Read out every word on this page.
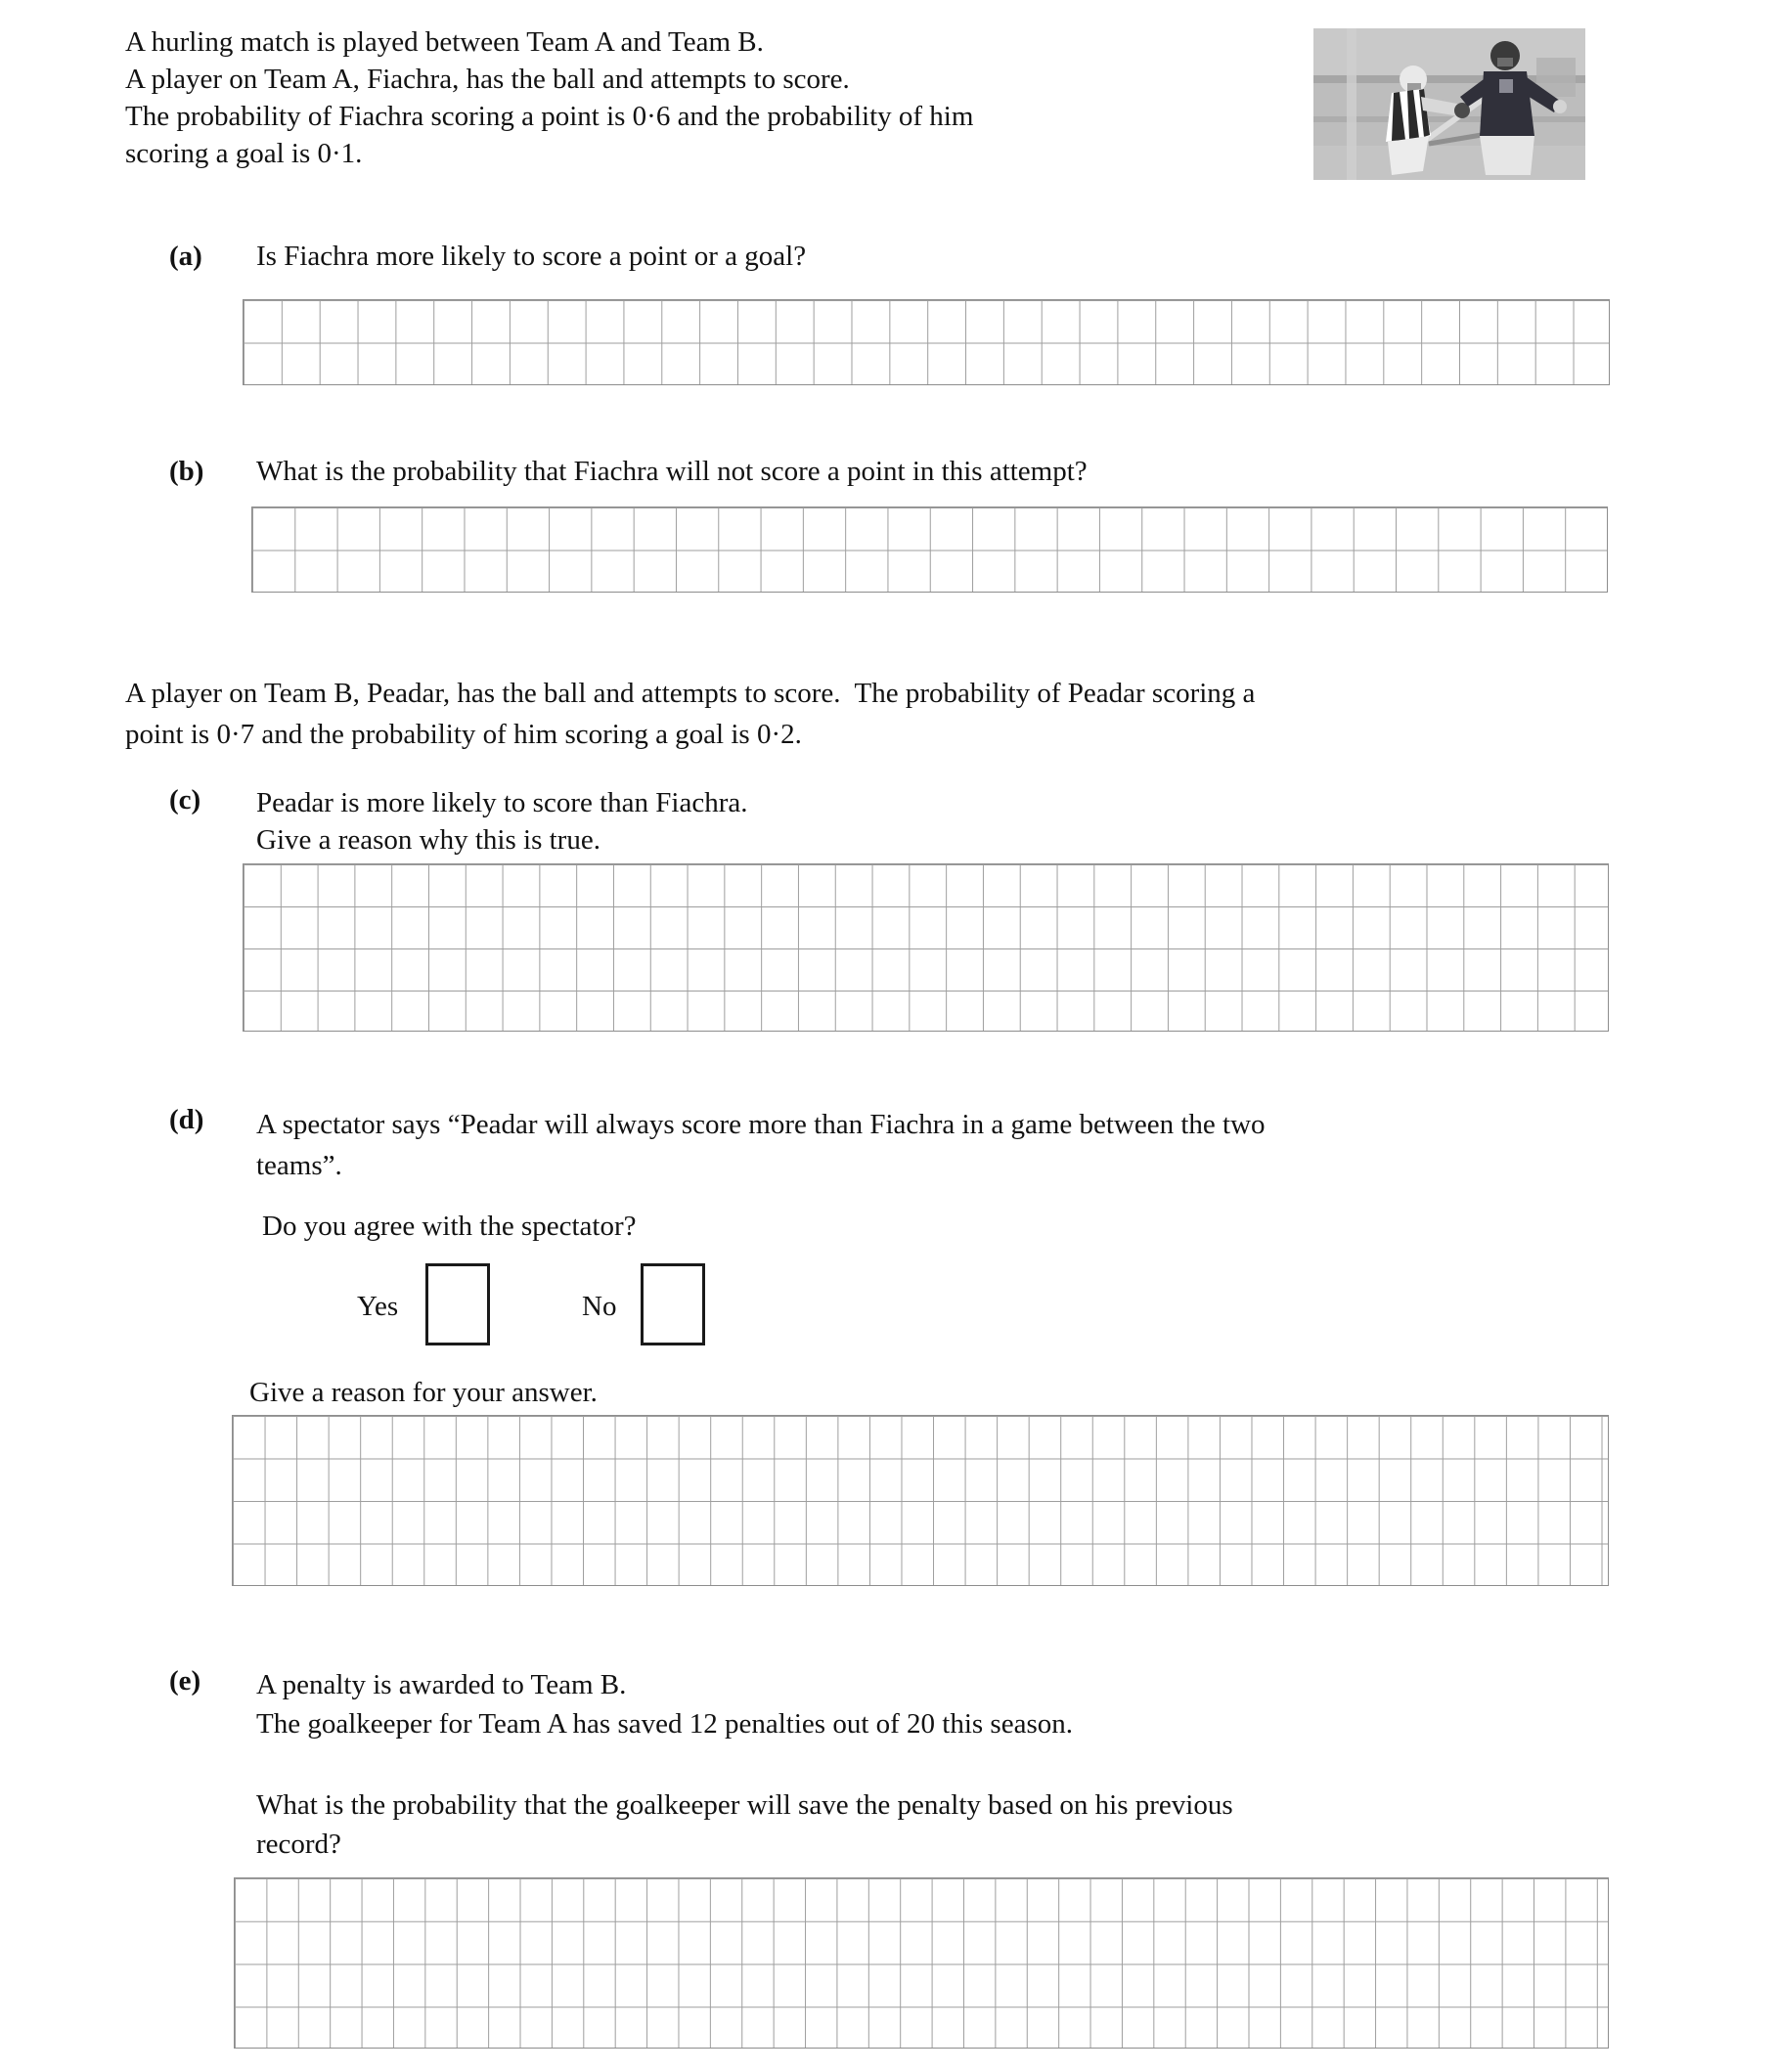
A hurling match is played between Team A and Team B.
A player on Team A, Fiachra, has the ball and attempts to score.
The probability of Fiachra scoring a point is 0·6 and the probability of him
scoring a goal is 0·1.
(a) Is Fiachra more likely to score a point or a goal?
(b) What is the probability that Fiachra will not score a point in this attempt?
A player on Team B, Peadar, has the ball and attempts to score.  The probability of Peadar scoring a
point is 0·7 and the probability of him scoring a goal is 0·2.
(c) Peadar is more likely to score than Fiachra.
Give a reason why this is true.
(d) A spectator says “Peadar will always score more than Fiachra in a game between the two
teams”.
Do you agree with the spectator?
Yes	No
Give a reason for your answer.
(e) A penalty is awarded to Team B.
The goalkeeper for Team A has saved 12 penalties out of 20 this season.
What is the probability that the goalkeeper will save the penalty based on his previous
record?
